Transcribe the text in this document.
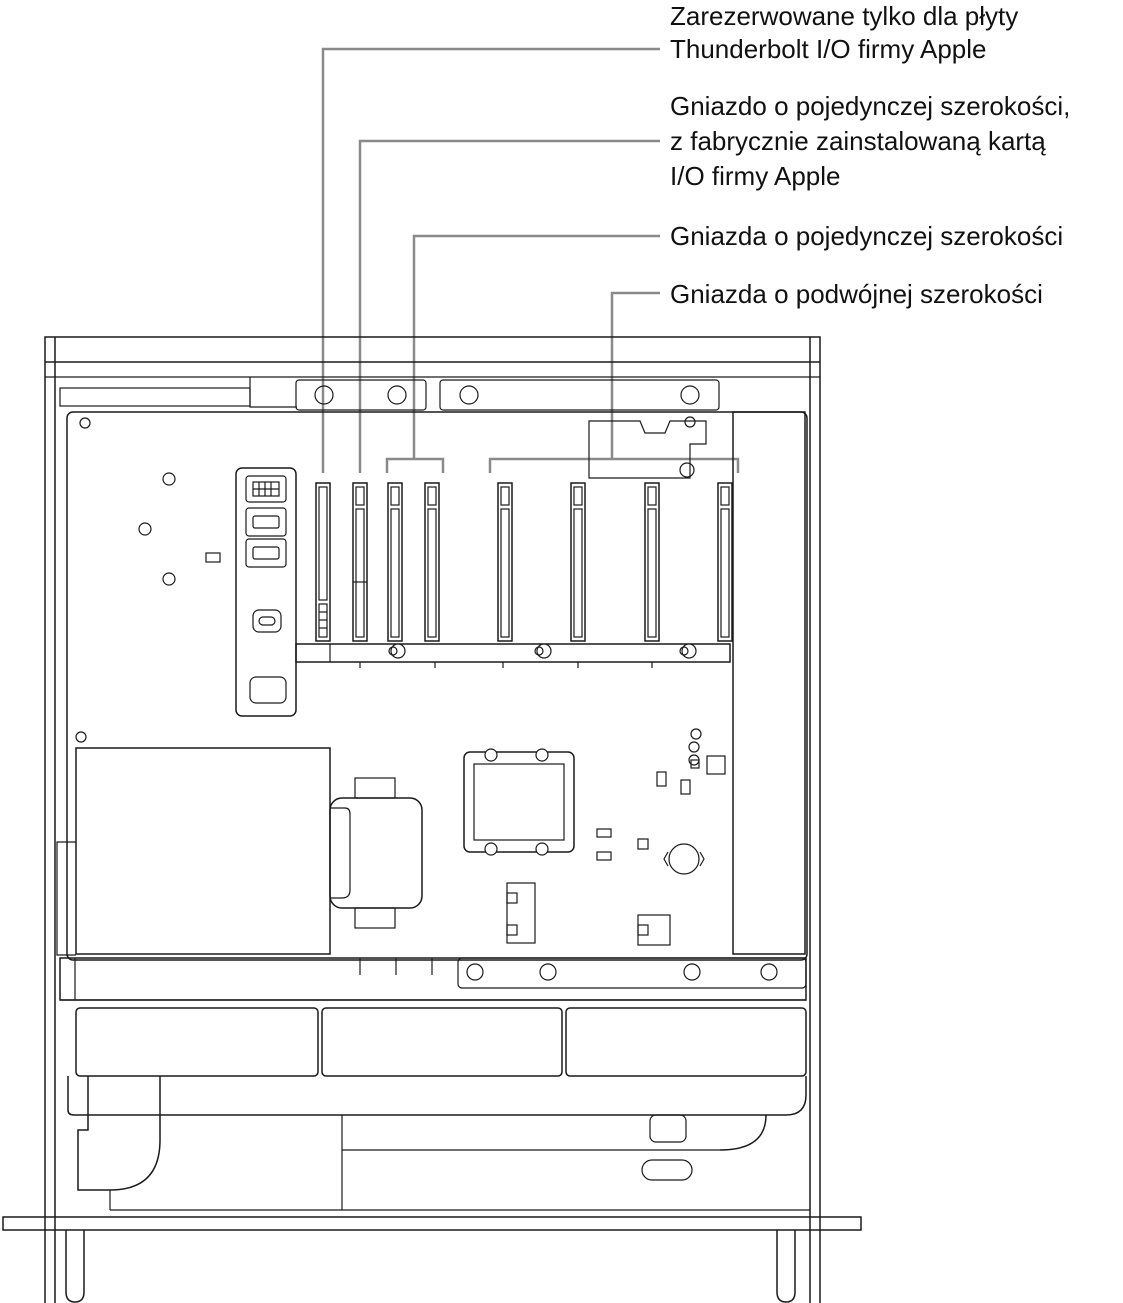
Zarezerwowane tylko dla płyty
Thunderbolt I/O firmy Apple
Gniazdo o pojedynczej szerokości,
z fabrycznie zainstalowaną kartą
I/O firmy Apple
Gniazda o pojedynczej szerokości
Gniazda o podwójnej szerokości
